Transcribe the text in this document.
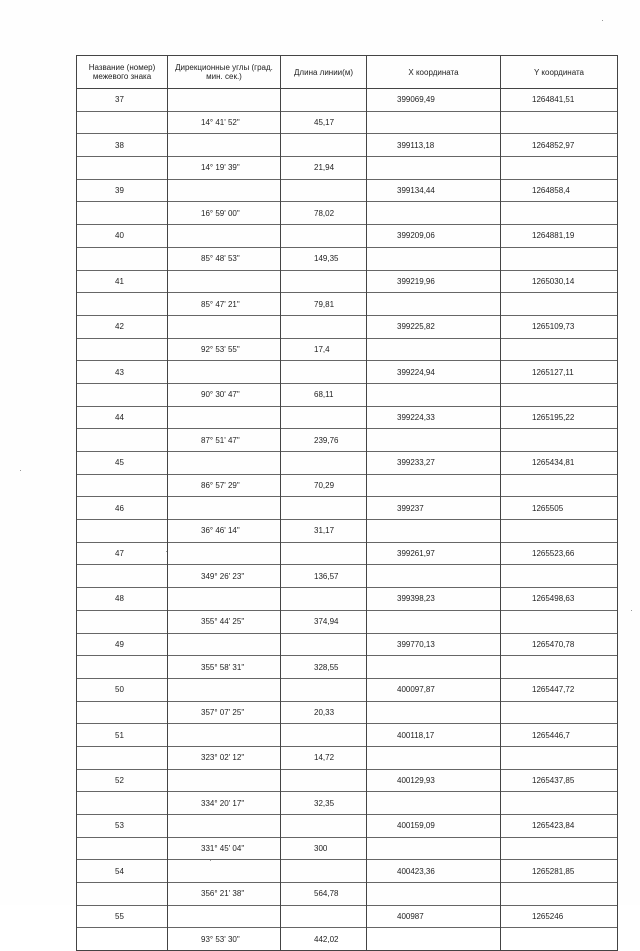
Название (номер) межевого знака	Дирекционные углы (град. мин. сек.)	Длина линии(м)	X координата	Y координата
37			399069,49	1264841,51
	14° 41' 52"	45,17		
38			399113,18	1264852,97
	14° 19' 39"	21,94		
39			399134,44	1264858,4
	16° 59' 00"	78,02		
40			399209,06	1264881,19
	85° 48' 53"	149,35		
41			399219,96	1265030,14
	85° 47' 21"	79,81		
42			399225,82	1265109,73
	92° 53' 55"	17,4		
43			399224,94	1265127,11
	90° 30' 47"	68,11		
44			399224,33	1265195,22
	87° 51' 47"	239,76		
45			399233,27	1265434,81
	86° 57' 29"	70,29		
46			399237	1265505
	36° 46' 14"	31,17		
47			399261,97	1265523,66
	349° 26' 23"	136,57		
48			399398,23	1265498,63
	355° 44' 25"	374,94		
49			399770,13	1265470,78
	355° 58' 31"	328,55		
50			400097,87	1265447,72
	357° 07' 25"	20,33		
51			400118,17	1265446,7
	323° 02' 12"	14,72		
52			400129,93	1265437,85
	334° 20' 17"	32,35		
53			400159,09	1265423,84
	331° 45' 04"	300		
54			400423,36	1265281,85
	356° 21' 38"	564,78		
55			400987	1265246
	93° 53' 30"	442,02		
